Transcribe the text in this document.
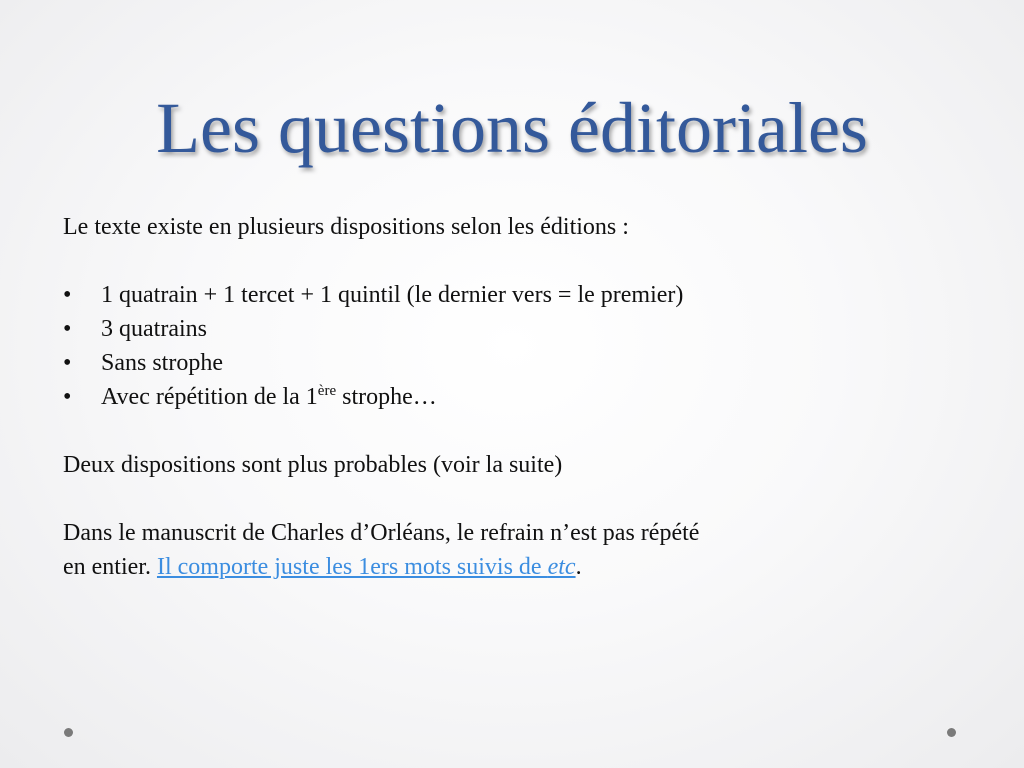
Les questions éditoriales

Le texte existe en plusieurs dispositions selon les éditions :

• 1 quatrain + 1 tercet + 1 quintil (le dernier vers = le premier)
• 3 quatrains
• Sans strophe
• Avec répétition de la 1ère strophe…

Deux dispositions sont plus probables (voir la suite)

Dans le manuscrit de Charles d’Orléans, le refrain n’est pas répété
en entier. Il comporte juste les 1ers mots suivis de etc.
